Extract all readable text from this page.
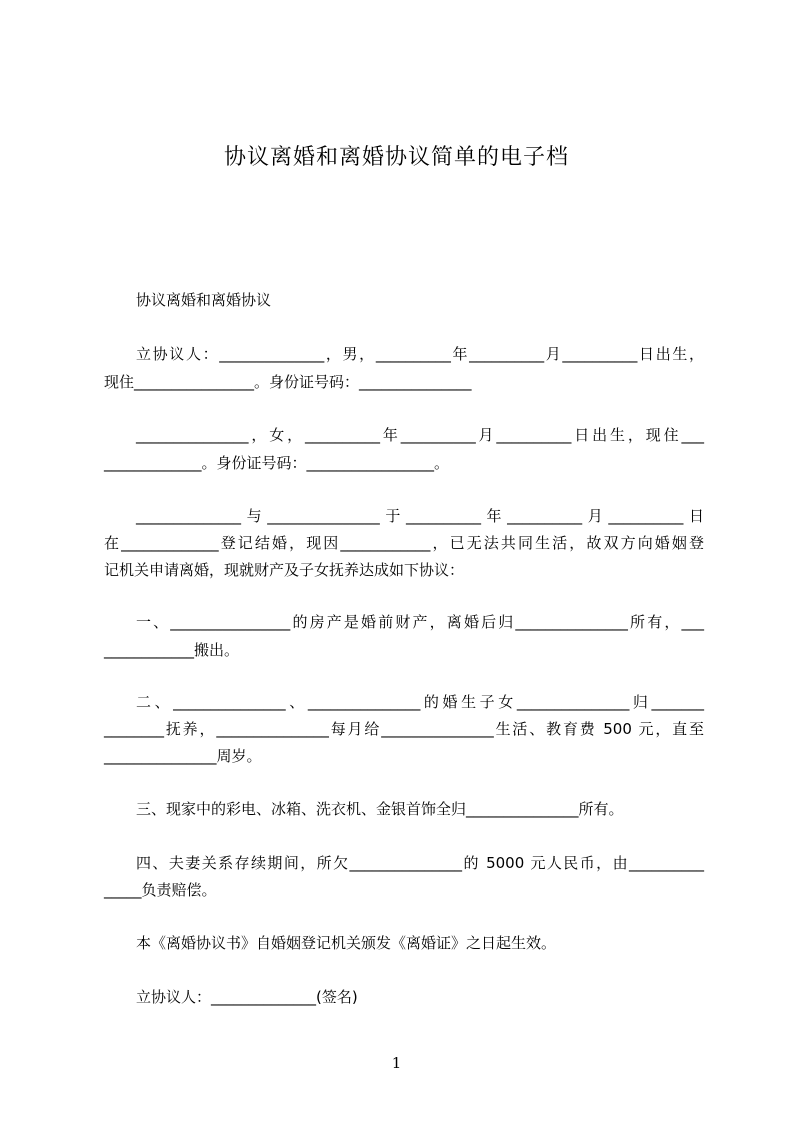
协议离婚和离婚协议简单的电子档
协议离婚和离婚协议
立协议人：______________，男，__________年__________月__________日出生，
现住________________。身份证号码：_______________
_______________，女，__________年__________月__________日出生，现住___
_____________。身份证号码：_________________。
______________与_______________于__________年__________月__________日
在_____________登记结婚，现因____________，已无法共同生活，故双方向婚姻登
记机关申请离婚，现就财产及子女抚养达成如下协议：
一、________________的房产是婚前财产，离婚后归_______________所有，___
____________搬出。
二、_______________、_______________的婚生子女_______________归_______
________抚养，_______________每月给_______________生活、教育费 500 元，直至
_______________周岁。
三、现家中的彩电、冰箱、洗衣机、金银首饰全归_______________所有。
四、夫妻关系存续期间，所欠_______________的 5000 元人民币，由__________
_____负责赔偿。
本《离婚协议书》自婚姻登记机关颁发《离婚证》之日起生效。
立协议人：______________(签名)
1
